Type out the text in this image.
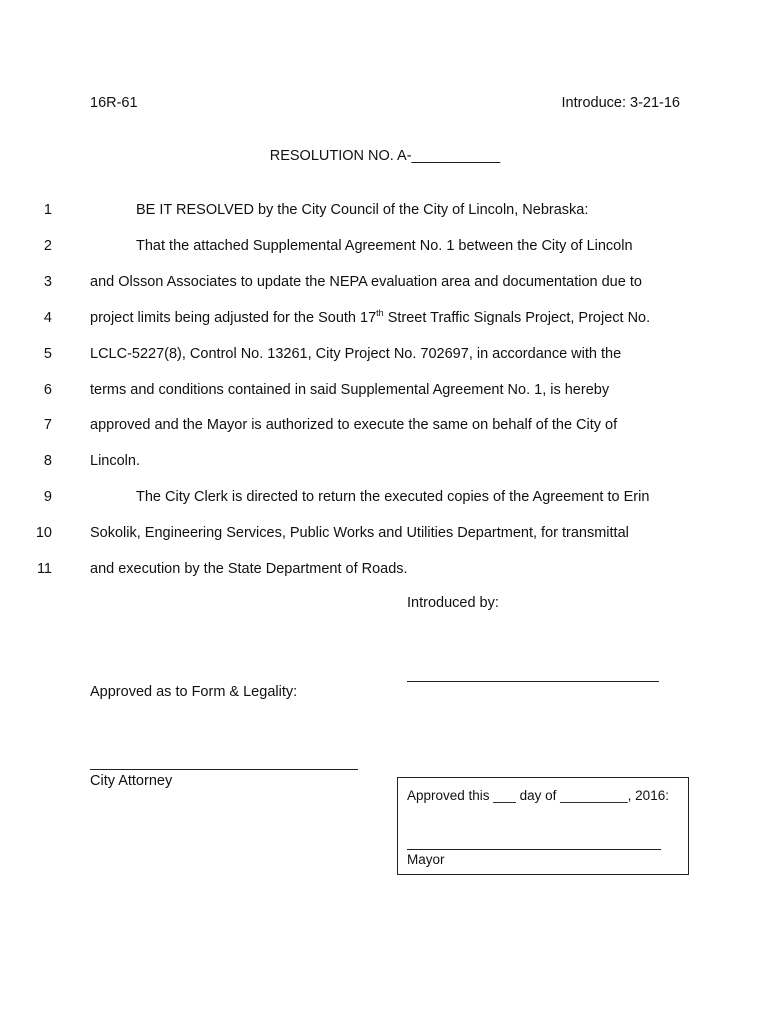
16R-61	Introduce: 3-21-16
RESOLUTION NO. A-___________
1	BE IT RESOLVED by the City Council of the City of Lincoln, Nebraska:
2	That the attached Supplemental Agreement No. 1 between the City of Lincoln
3	and Olsson Associates to update the NEPA evaluation area and documentation due to
4	project limits being adjusted for the South 17th Street Traffic Signals Project, Project No.
5	LCLC-5227(8), Control No. 13261, City Project No. 702697, in accordance with the
6	terms and conditions contained in said Supplemental Agreement No. 1, is hereby
7	approved and the Mayor is authorized to execute the same on behalf of the City of
8	Lincoln.
9	The City Clerk is directed to return the executed copies of the Agreement to Erin
10	Sokolik, Engineering Services, Public Works and Utilities Department, for transmittal
11	and execution by the State Department of Roads.
Introduced by:
Approved as to Form & Legality:
City Attorney
Approved this ___ day of _________, 2016:
Mayor
